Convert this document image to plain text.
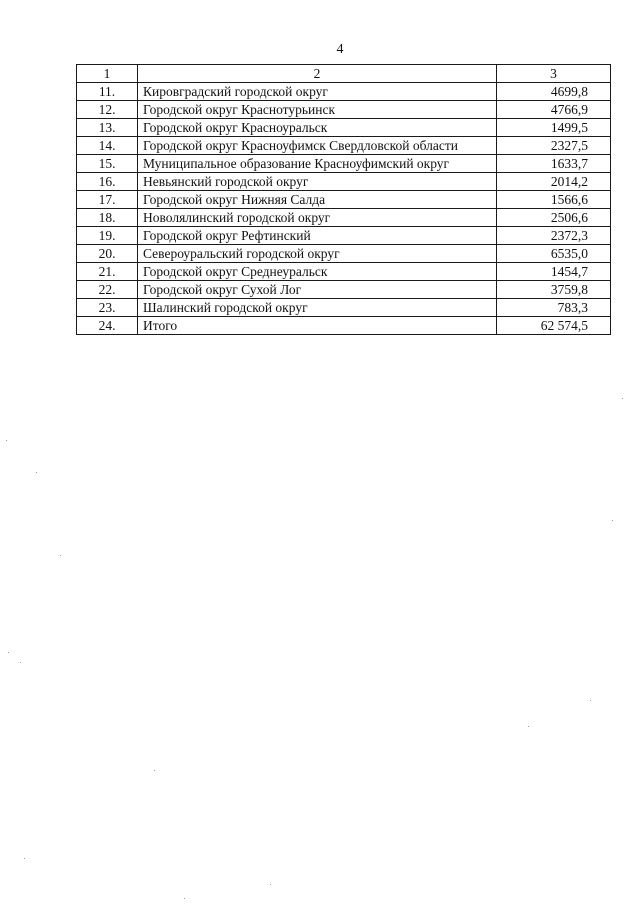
4
1	2	3
11.	Кировградский городской округ	4699,8
12.	Городской округ Краснотурьинск	4766,9
13.	Городской округ Красноуральск	1499,5
14.	Городской округ Красноуфимск Свердловской области	2327,5
15.	Муниципальное образование Красноуфимский округ	1633,7
16.	Невьянский городской округ	2014,2
17.	Городской округ Нижняя Салда	1566,6
18.	Новолялинский городской округ	2506,6
19.	Городской округ Рефтинский	2372,3
20.	Североуральский городской округ	6535,0
21.	Городской округ Среднеуральск	1454,7
22.	Городской округ Сухой Лог	3759,8
23.	Шалинский городской округ	783,3
24.	Итого	62 574,5
